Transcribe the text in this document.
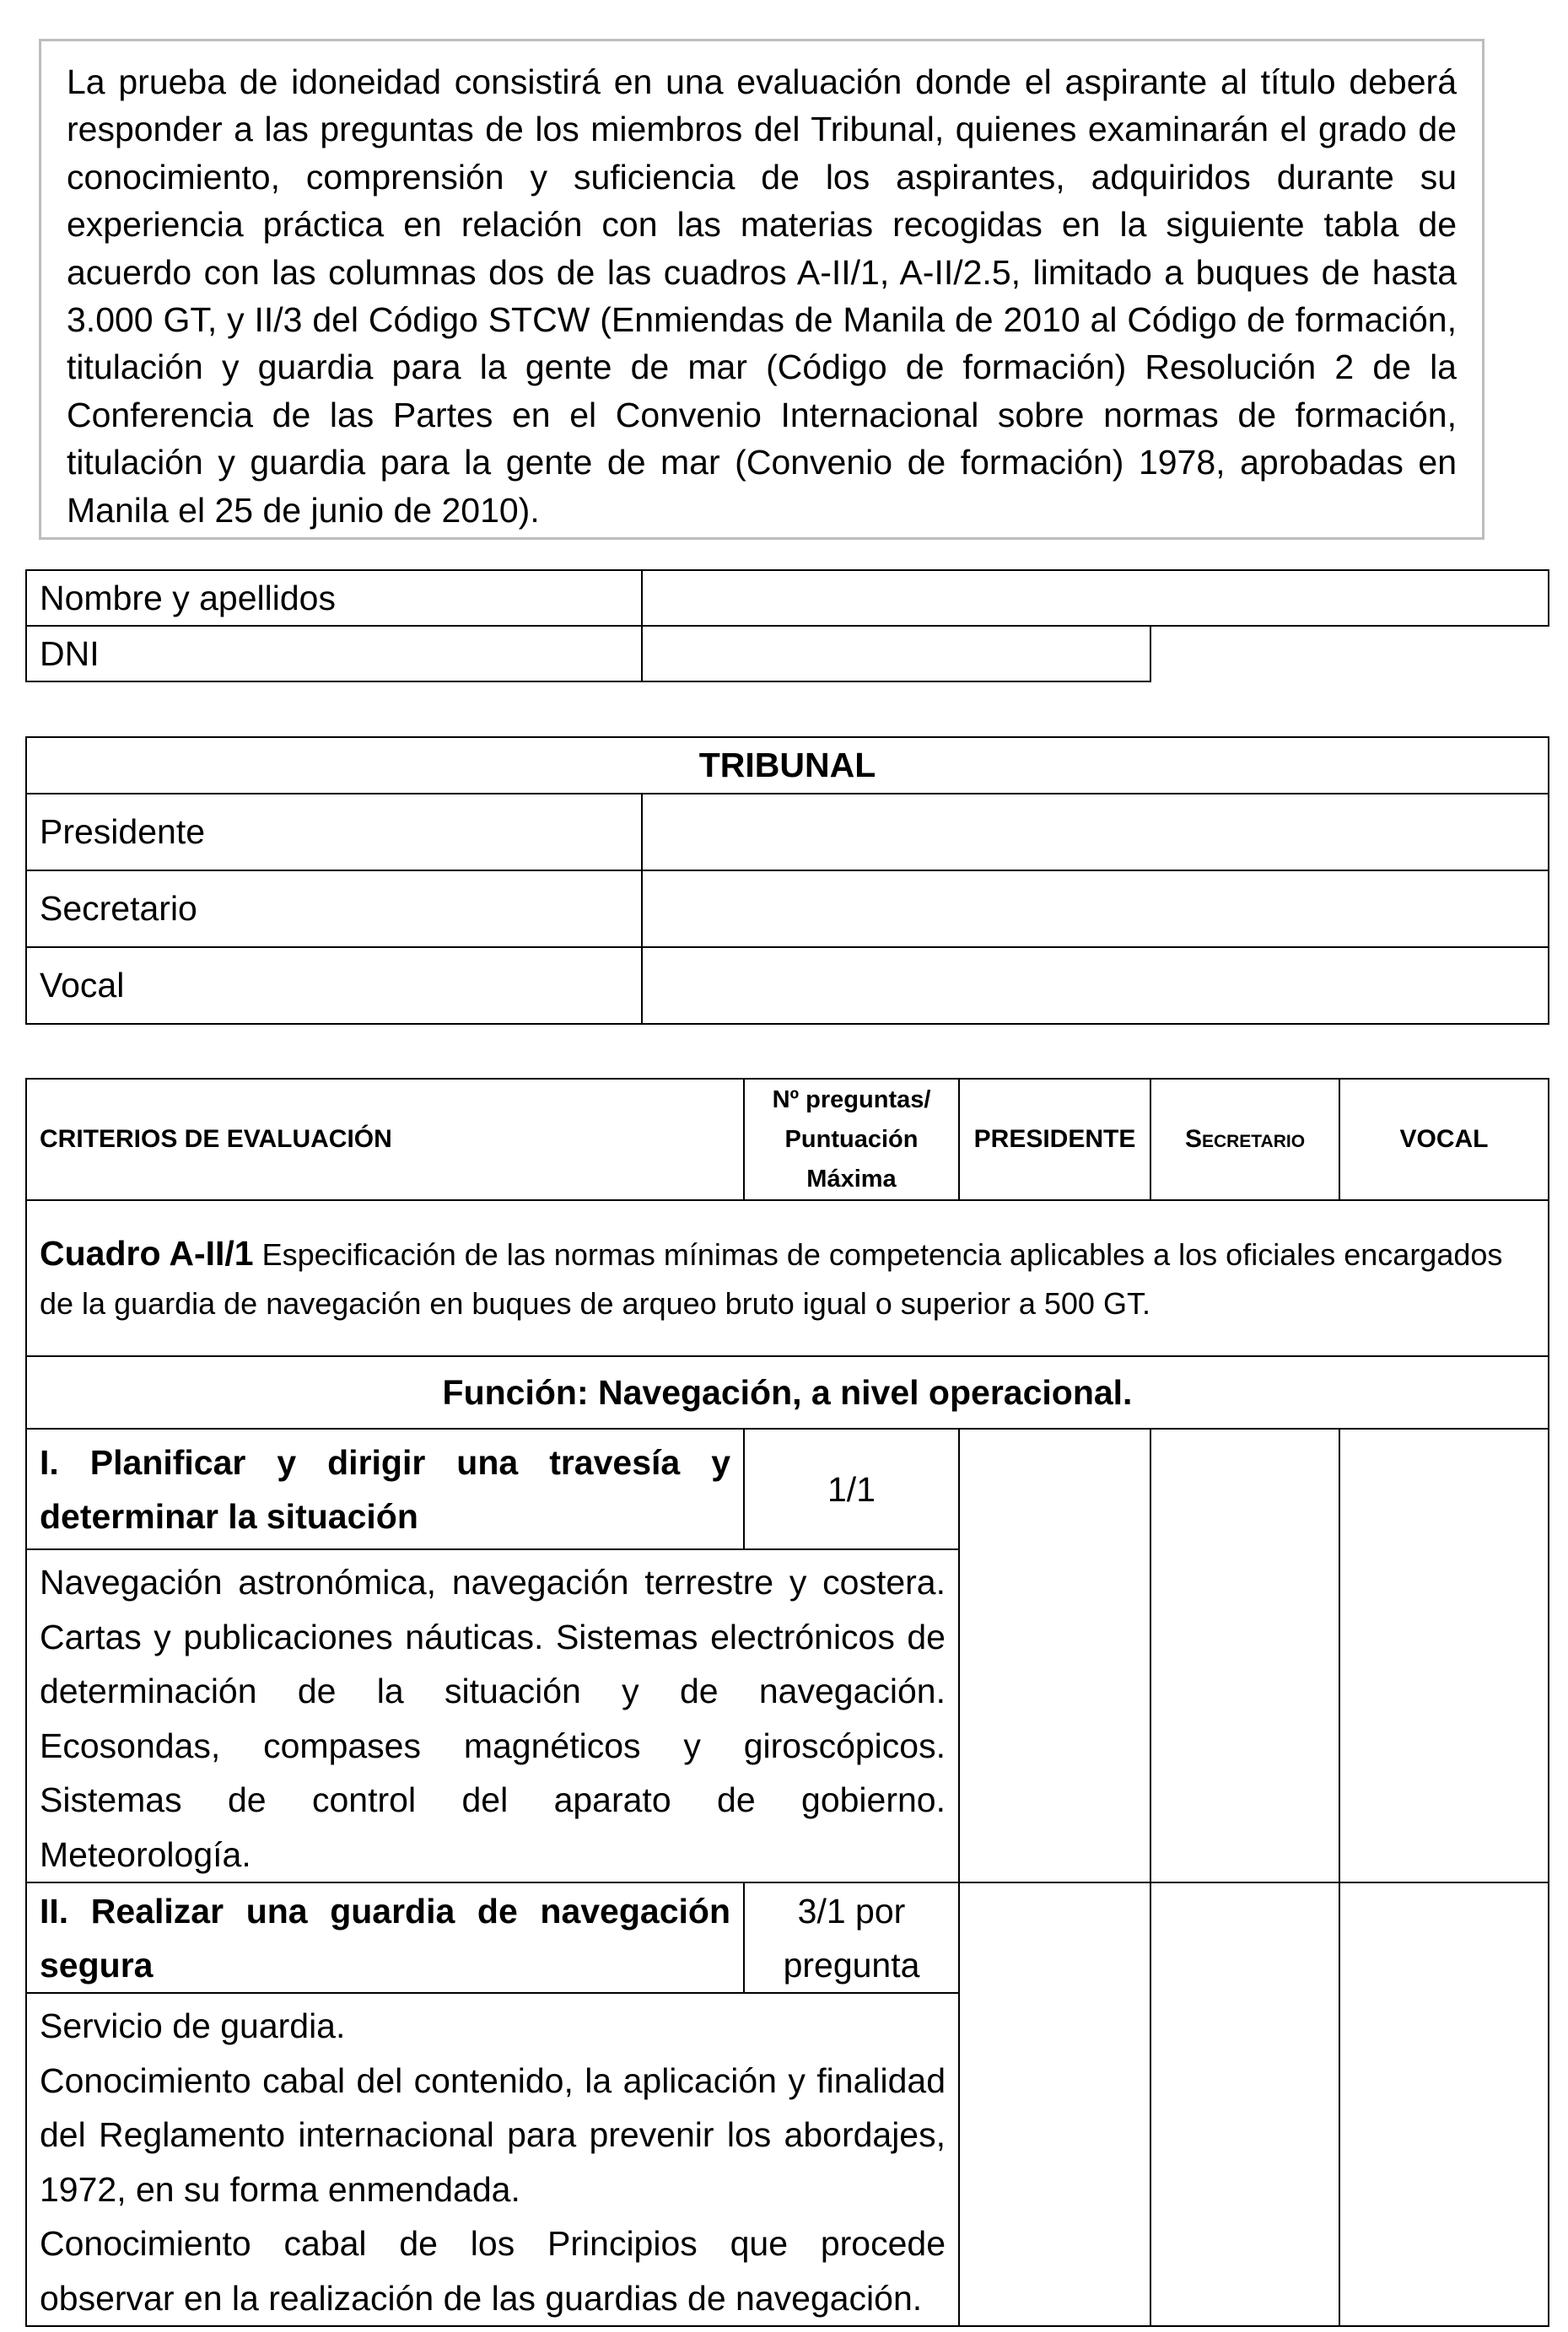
La prueba de idoneidad consistirá en una evaluación donde el aspirante al título deberá responder a las preguntas de los miembros del Tribunal, quienes examinarán el grado de conocimiento, comprensión y suficiencia de los aspirantes, adquiridos durante su experiencia práctica en relación con las materias recogidas en la siguiente tabla de acuerdo con las columnas dos de las cuadros A-II/1, A-II/2.5, limitado a buques de hasta 3.000 GT, y II/3 del Código STCW (Enmiendas de Manila de 2010 al Código de formación, titulación y guardia para la gente de mar (Código de formación) Resolución 2 de la Conferencia de las Partes en el Convenio Internacional sobre normas de formación, titulación y guardia para la gente de mar (Convenio de formación) 1978, aprobadas en Manila el 25 de junio de 2010).

Nombre y apellidos		
DNI		
TRIBUNAL	
Presidente	
Secretario	
Vocal	
CRITERIOS DE EVALUACIÓN	Nº preguntas/
Puntuación
Máxima	PRESIDENTE	Secretario	VOCAL
Cuadro A-II/1 Especificación de las normas mínimas de competencia aplicables a los oficiales encargados de la guardia de navegación en buques de arqueo bruto igual o superior a 500 GT.				
Función: Navegación, a nivel operacional.				

I. Planificar y dirigir una travesía y
determinar la situación	1/1			
Navegación astronómica, navegación terrestre y costera. Cartas y publicaciones náuticas. Sistemas electrónicos de determinación de la situación y de navegación. Ecosondas, compases magnéticos y giroscópicos. Sistemas de control del aparato de gobierno. Meteorología.				

II. Realizar una guardia de navegación
segura	3/1 por
pregunta			

Servicio de guardia.
Conocimiento cabal del contenido, la aplicación y finalidad del Reglamento internacional para prevenir los abordajes, 1972, en su forma enmendada.
Conocimiento cabal de los Principios que procede observar en la realización de las guardias de navegación.				
